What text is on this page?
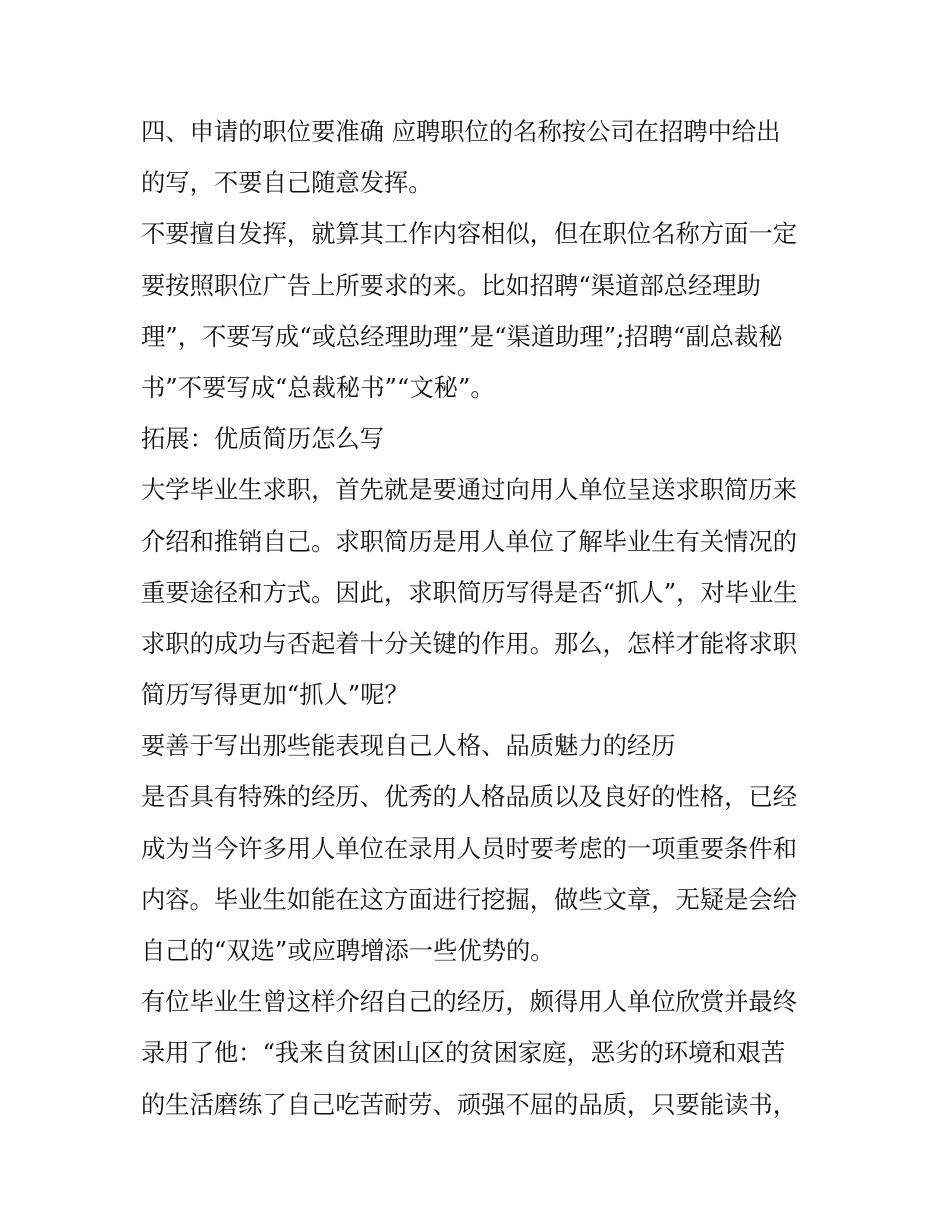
四、申请的职位要准确 应聘职位的名称按公司在招聘中给出
的写，不要自己随意发挥。
不要擅自发挥，就算其工作内容相似，但在职位名称方面一定
要按照职位广告上所要求的来。比如招聘“渠道部总经理助
理”，不要写成“或总经理助理”是“渠道助理”;招聘“副总裁秘
书”不要写成“总裁秘书”“文秘”。
拓展：优质简历怎么写
大学毕业生求职，首先就是要通过向用人单位呈送求职简历来
介绍和推销自己。求职简历是用人单位了解毕业生有关情况的
重要途径和方式。因此，求职简历写得是否“抓人”，对毕业生
求职的成功与否起着十分关键的作用。那么，怎样才能将求职
简历写得更加“抓人”呢？
要善于写出那些能表现自己人格、品质魅力的经历
是否具有特殊的经历、优秀的人格品质以及良好的性格，已经
成为当今许多用人单位在录用人员时要考虑的一项重要条件和
内容。毕业生如能在这方面进行挖掘，做些文章，无疑是会给
自己的“双选”或应聘增添一些优势的。
有位毕业生曾这样介绍自己的经历，颇得用人单位欣赏并最终
录用了他：“我来自贫困山区的贫困家庭，恶劣的环境和艰苦
的生活磨练了自己吃苦耐劳、顽强不屈的品质，只要能读书，
